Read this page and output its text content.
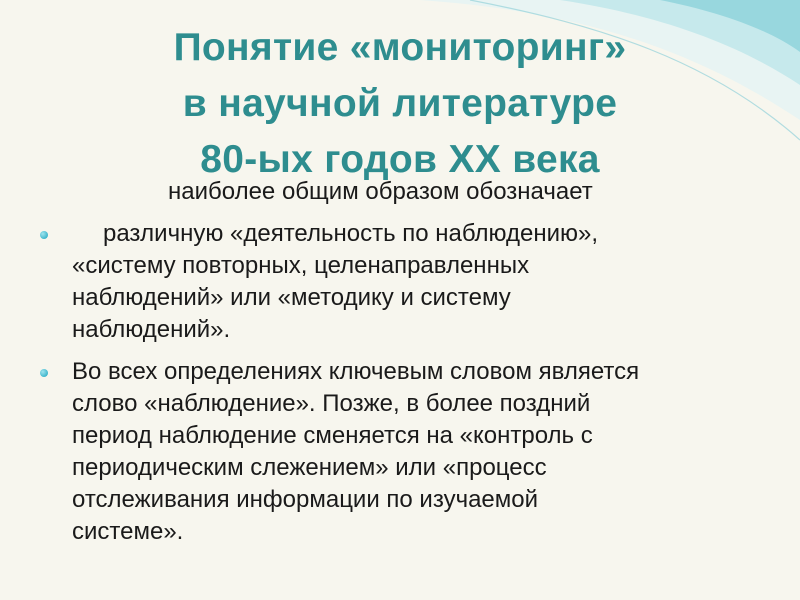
Понятие «мониторинг»
в научной литературе
80-ых годов XX века
наиболее общим образом обозначает
различную «деятельность по наблюдению»,
«систему повторных, целенаправленных
наблюдений» или «методику и систему
наблюдений».
Во всех определениях ключевым словом является
слово «наблюдение». Позже, в более поздний
период наблюдение сменяется на «контроль с
периодическим слежением» или «процесс
отслеживания информации по изучаемой
системе».
